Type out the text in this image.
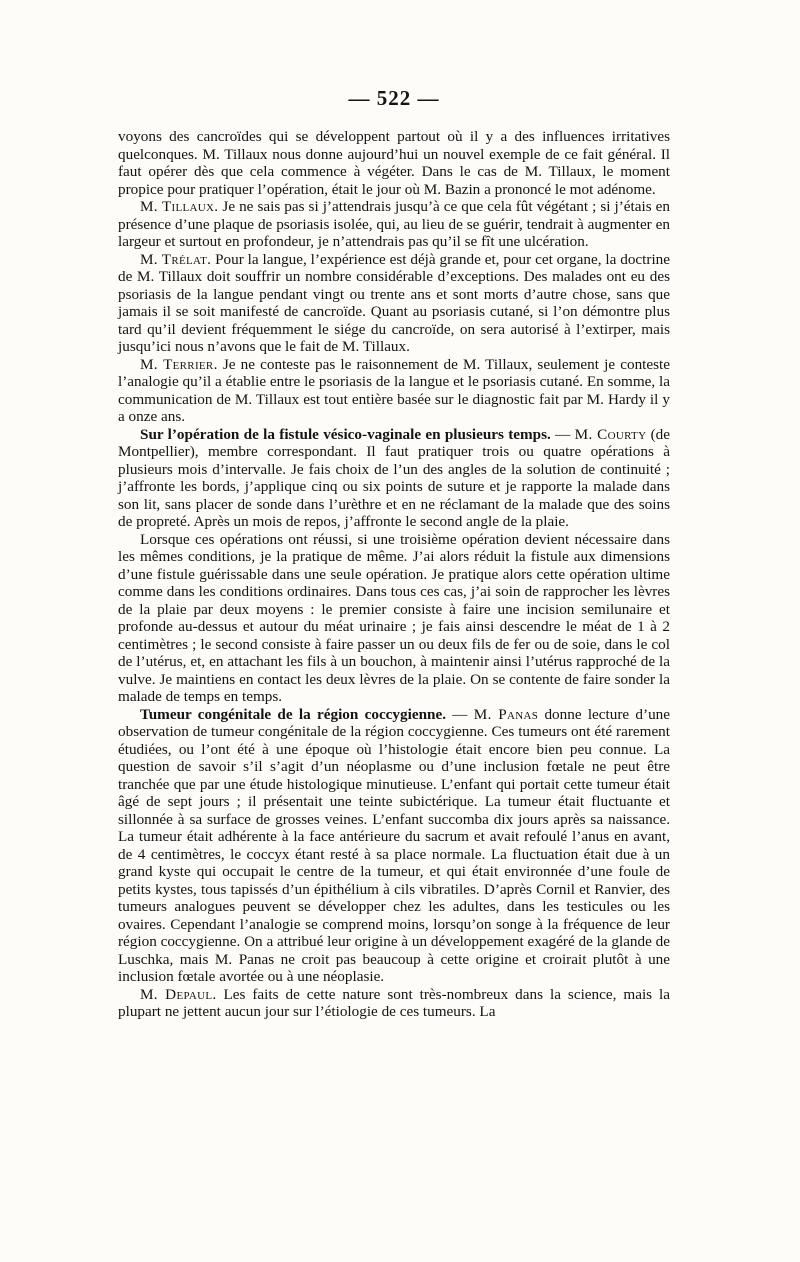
— 522 —

voyons des cancroïdes qui se développent partout où il y a des influences irritatives quelconques. M. Tillaux nous donne aujourd’hui un nouvel exemple de ce fait général. Il faut opérer dès que cela commence à végéter. Dans le cas de M. Tillaux, le moment propice pour pratiquer l’opération, était le jour où M. Bazin a prononcé le mot adénome.

M. Tillaux. Je ne sais pas si j’attendrais jusqu’à ce que cela fût végétant ; si j’étais en présence d’une plaque de psoriasis isolée, qui, au lieu de se guérir, tendrait à augmenter en largeur et surtout en profondeur, je n’attendrais pas qu’il se fît une ulcération.

M. Trélat. Pour la langue, l’expérience est déjà grande et, pour cet organe, la doctrine de M. Tillaux doit souffrir un nombre considérable d’exceptions. Des malades ont eu des psoriasis de la langue pendant vingt ou trente ans et sont morts d’autre chose, sans que jamais il se soit manifesté de cancroïde. Quant au psoriasis cutané, si l’on démontre plus tard qu’il devient fréquemment le siége du cancroïde, on sera autorisé à l’extirper, mais jusqu’ici nous n’avons que le fait de M. Tillaux.

M. Terrier. Je ne conteste pas le raisonnement de M. Tillaux, seulement je conteste l’analogie qu’il a établie entre le psoriasis de la langue et le psoriasis cutané. En somme, la communication de M. Tillaux est tout entière basée sur le diagnostic fait par M. Hardy il y a onze ans.

Sur l’opération de la fistule vésico-vaginale en plusieurs temps. — M. Courty (de Montpellier), membre correspondant. Il faut pratiquer trois ou quatre opérations à plusieurs mois d’intervalle. Je fais choix de l’un des angles de la solution de continuité ; j’affronte les bords, j’applique cinq ou six points de suture et je rapporte la malade dans son lit, sans placer de sonde dans l’urèthre et en ne réclamant de la malade que des soins de propreté. Après un mois de repos, j’affronte le second angle de la plaie.

Lorsque ces opérations ont réussi, si une troisième opération devient nécessaire dans les mêmes conditions, je la pratique de même. J’ai alors réduit la fistule aux dimensions d’une fistule guérissable dans une seule opération. Je pratique alors cette opération ultime comme dans les conditions ordinaires. Dans tous ces cas, j’ai soin de rapprocher les lèvres de la plaie par deux moyens : le premier consiste à faire une incision semilunaire et profonde au-dessus et autour du méat urinaire ; je fais ainsi descendre le méat de 1 à 2 centimètres ; le second consiste à faire passer un ou deux fils de fer ou de soie, dans le col de l’utérus, et, en attachant les fils à un bouchon, à maintenir ainsi l’utérus rapproché de la vulve. Je maintiens en contact les deux lèvres de la plaie. On se contente de faire sonder la malade de temps en temps.

Tumeur congénitale de la région coccygienne. — M. Panas donne lecture d’une observation de tumeur congénitale de la région coccygienne. Ces tumeurs ont été rarement étudiées, ou l’ont été à une époque où l’histologie était encore bien peu connue. La question de savoir s’il s’agit d’un néoplasme ou d’une inclusion fœtale ne peut être tranchée que par une étude histologique minutieuse. L’enfant qui portait cette tumeur était âgé de sept jours ; il présentait une teinte subictérique. La tumeur était fluctuante et sillonnée à sa surface de grosses veines. L’enfant succomba dix jours après sa naissance. La tumeur était adhérente à la face antérieure du sacrum et avait refoulé l’anus en avant, de 4 centimètres, le coccyx étant resté à sa place normale. La fluctuation était due à un grand kyste qui occupait le centre de la tumeur, et qui était environnée d’une foule de petits kystes, tous tapissés d’un épithélium à cils vibratiles. D’après Cornil et Ranvier, des tumeurs analogues peuvent se développer chez les adultes, dans les testicules ou les ovaires. Cependant l’analogie se comprend moins, lorsqu’on songe à la fréquence de leur région coccygienne. On a attribué leur origine à un développement exagéré de la glande de Luschka, mais M. Panas ne croit pas beaucoup à cette origine et croirait plutôt à une inclusion fœtale avortée ou à une néoplasie.

M. Depaul. Les faits de cette nature sont très-nombreux dans la science, mais la plupart ne jettent aucun jour sur l’étiologie de ces tumeurs. La
